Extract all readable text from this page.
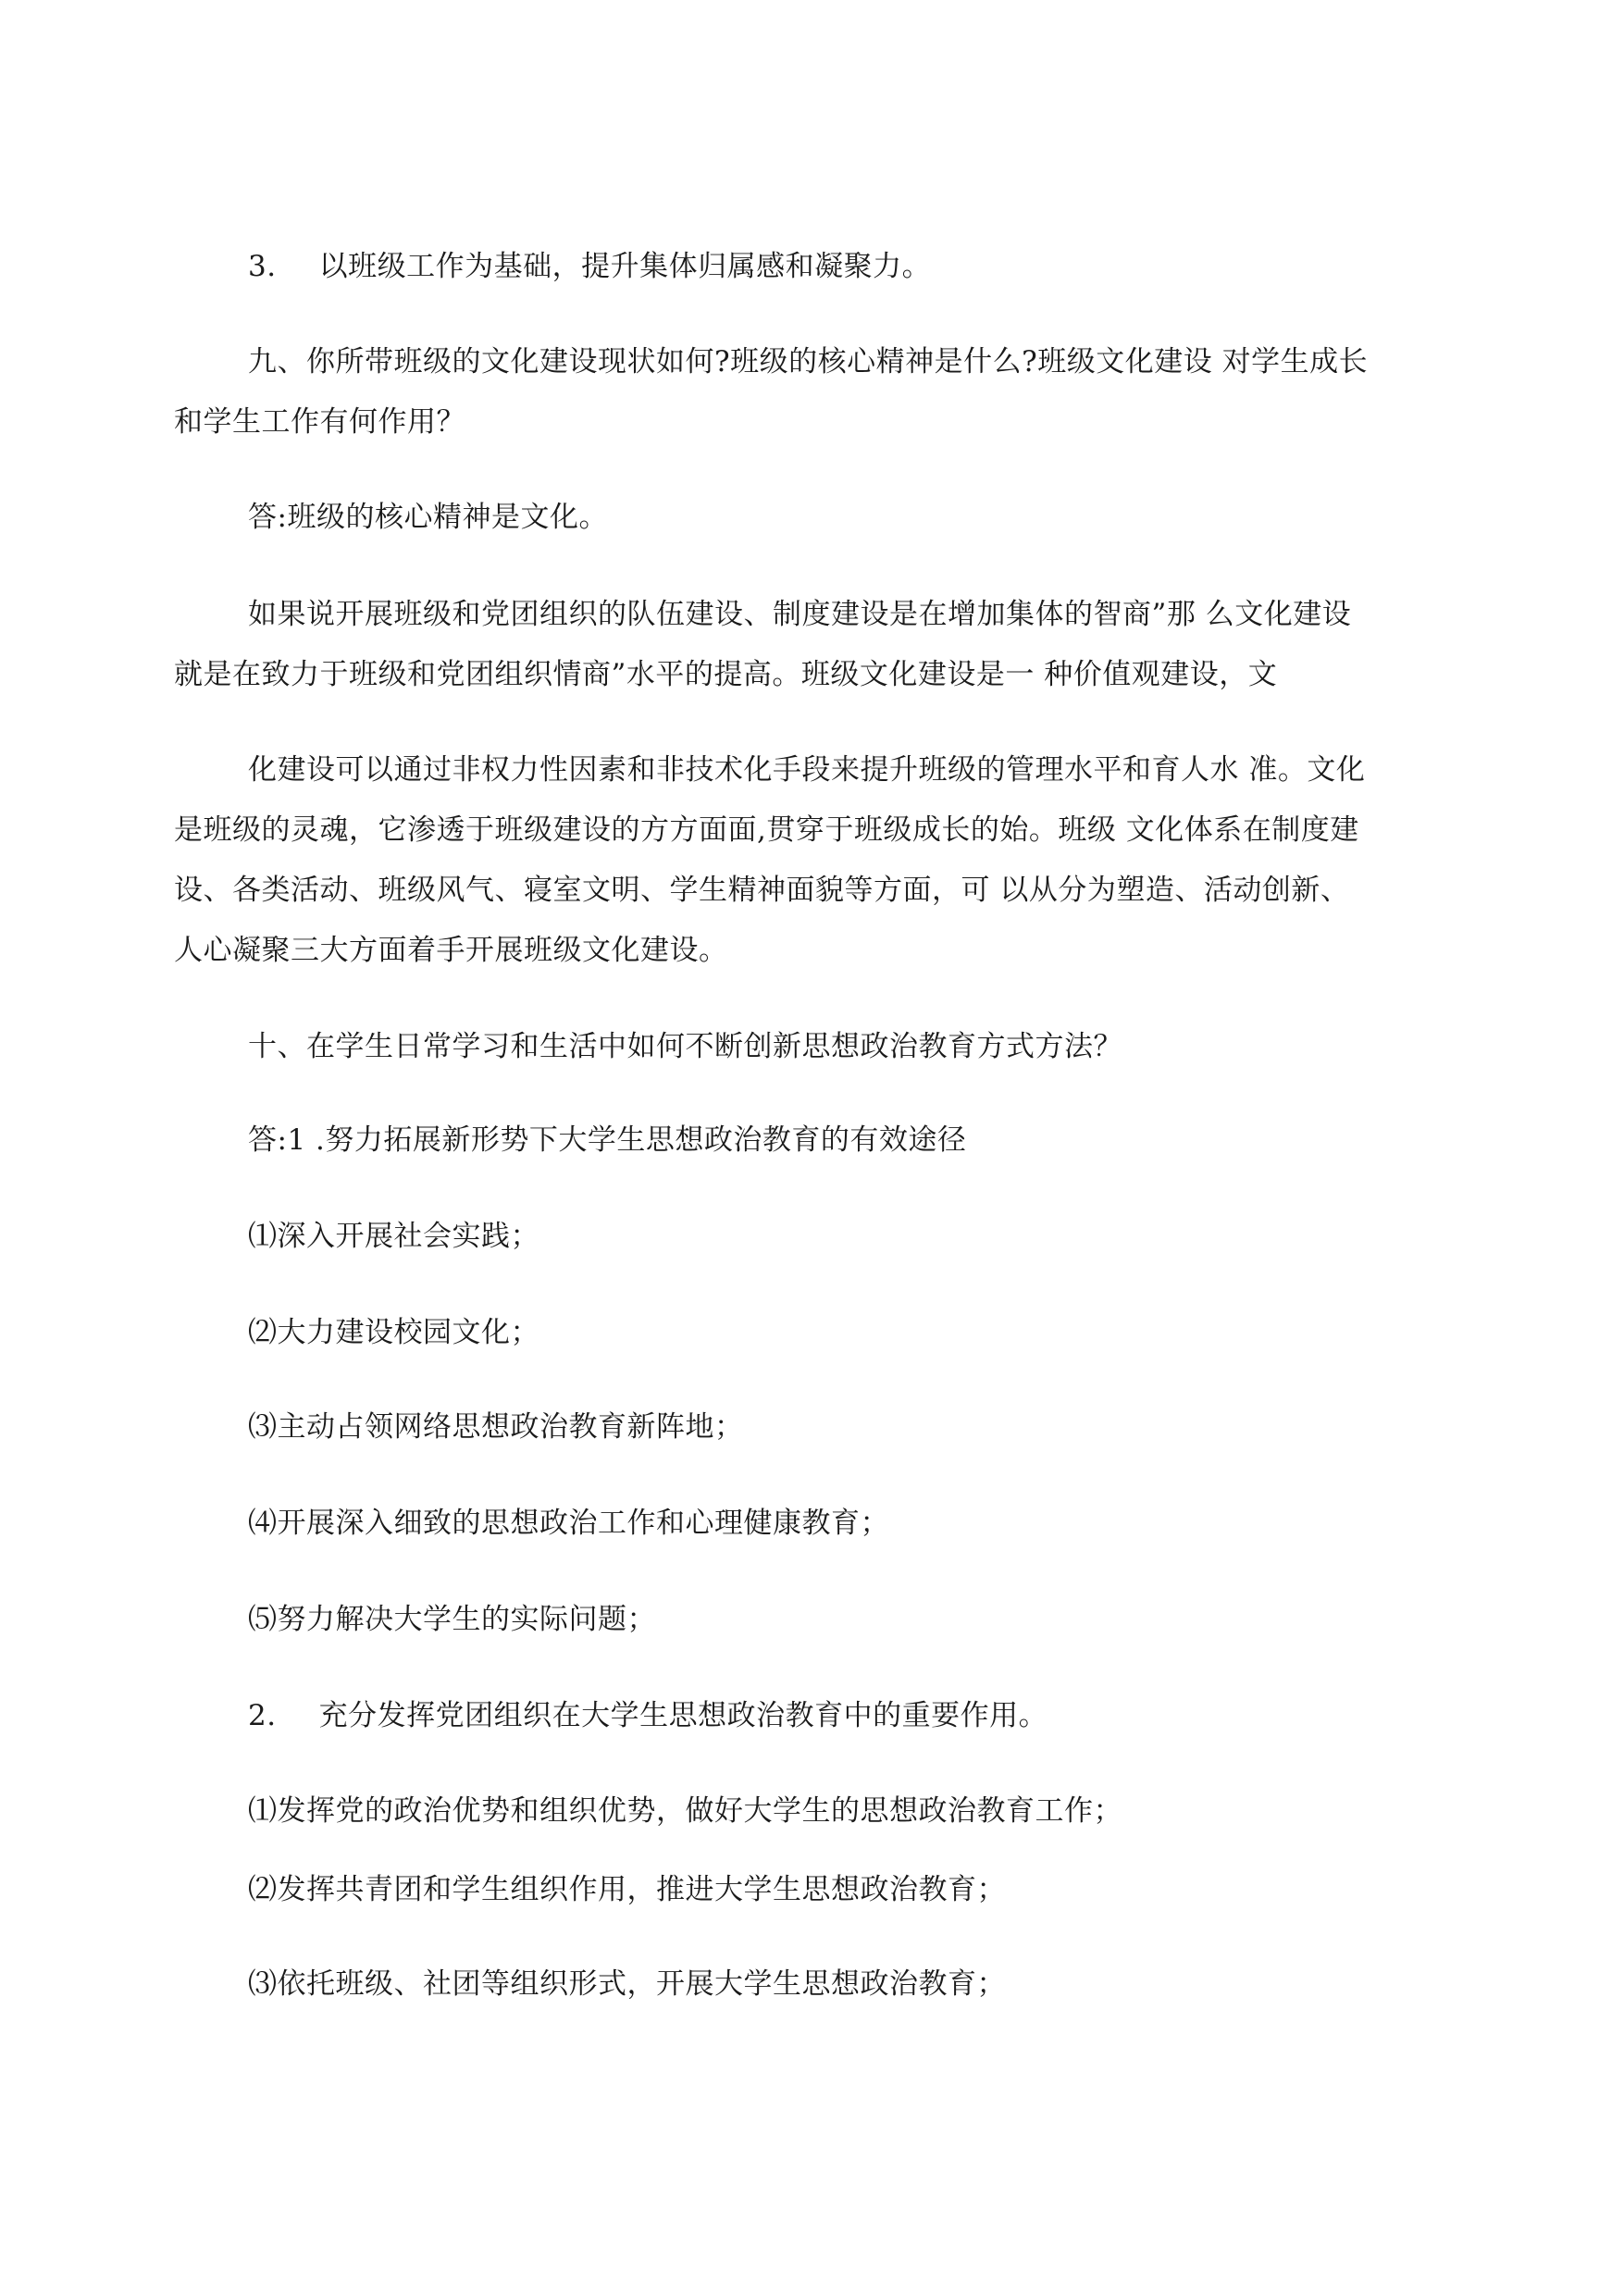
3. 以班级工作为基础，提升集体归属感和凝聚力。
九、你所带班级的文化建设现状如何?班级的核心精神是什么?班级文化建设 对学生成长
和学生工作有何作用？
答:班级的核心精神是文化。
如果说开展班级和党团组织的队伍建设、制度建设是在增加集体的智商”那 么文化建设
就是在致力于班级和党团组织情商”水平的提高。班级文化建设是一 种价值观建设，文
化建设可以通过非权力性因素和非技术化手段来提升班级的管理水平和育人水 准。文化
是班级的灵魂，它渗透于班级建设的方方面面,贯穿于班级成长的始。班级 文化体系在制度建
设、各类活动、班级风气、寝室文明、学生精神面貌等方面，可 以从分为塑造、活动创新、
人心凝聚三大方面着手开展班级文化建设。
十、在学生日常学习和生活中如何不断创新思想政治教育方式方法？
答:1 .努力拓展新形势下大学生思想政治教育的有效途径
⑴深入开展社会实践；
⑵大力建设校园文化；
⑶主动占领网络思想政治教育新阵地；
⑷开展深入细致的思想政治工作和心理健康教育；
⑸努力解决大学生的实际问题；
2. 充分发挥党团组织在大学生思想政治教育中的重要作用。
⑴发挥党的政治优势和组织优势，做好大学生的思想政治教育工作；
⑵发挥共青团和学生组织作用，推进大学生思想政治教育；
⑶依托班级、社团等组织形式，开展大学生思想政治教育；
